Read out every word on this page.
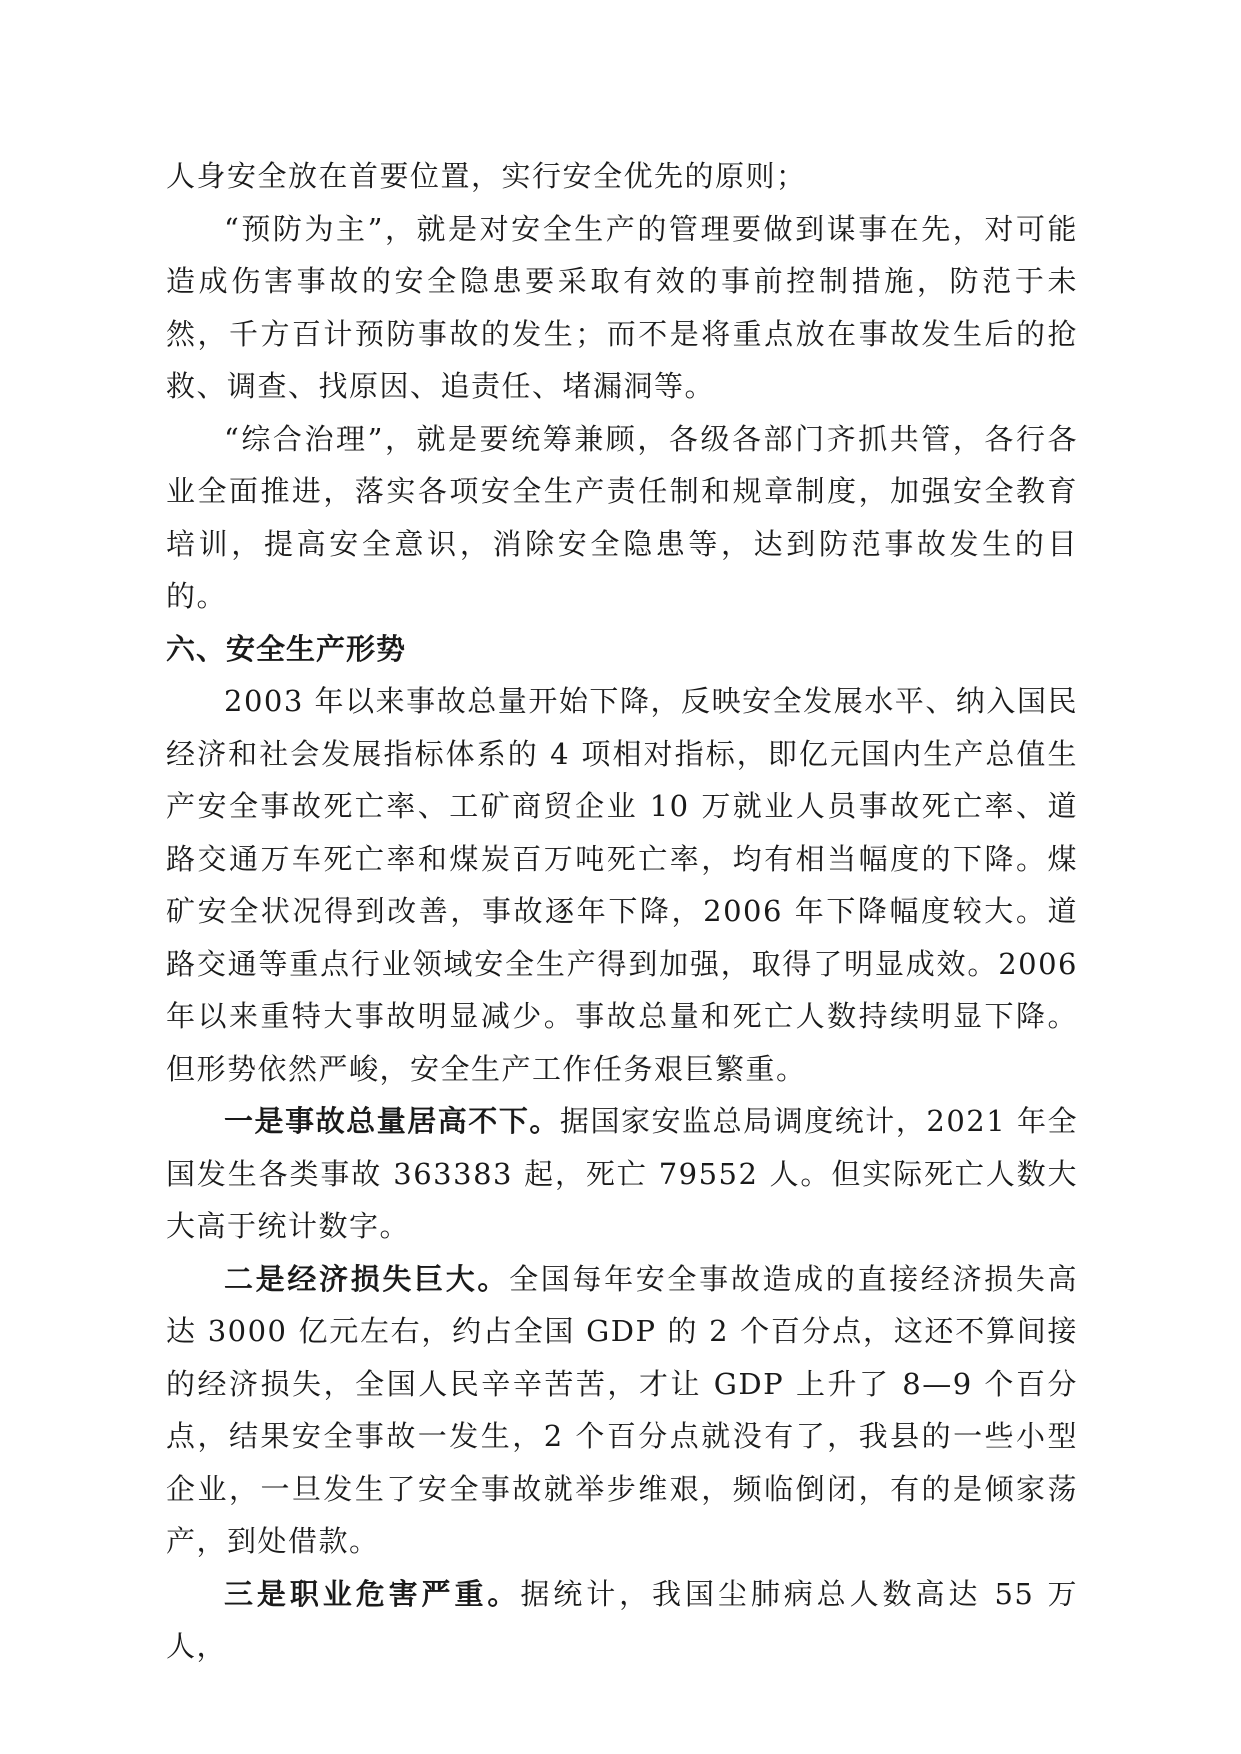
人身安全放在首要位置，实行安全优先的原则；

“预防为主”，就是对安全生产的管理要做到谋事在先，对可能造成伤害事故的安全隐患要采取有效的事前控制措施，防范于未然，千方百计预防事故的发生；而不是将重点放在事故发生后的抢救、调查、找原因、追责任、堵漏洞等。

“综合治理”，就是要统筹兼顾，各级各部门齐抓共管，各行各业全面推进，落实各项安全生产责任制和规章制度，加强安全教育培训，提高安全意识，消除安全隐患等，达到防范事故发生的目的。

六、安全生产形势

2003 年以来事故总量开始下降，反映安全发展水平、纳入国民经济和社会发展指标体系的 4 项相对指标，即亿元国内生产总值生产安全事故死亡率、工矿商贸企业 10 万就业人员事故死亡率、道路交通万车死亡率和煤炭百万吨死亡率，均有相当幅度的下降。煤矿安全状况得到改善，事故逐年下降，2006 年下降幅度较大。道路交通等重点行业领域安全生产得到加强，取得了明显成效。2006 年以来重特大事故明显减少。事故总量和死亡人数持续明显下降。但形势依然严峻，安全生产工作任务艰巨繁重。

一是事故总量居高不下。据国家安监总局调度统计，2021 年全国发生各类事故 363383 起，死亡 79552 人。但实际死亡人数大大高于统计数字。

二是经济损失巨大。全国每年安全事故造成的直接经济损失高达 3000 亿元左右，约占全国 GDP 的 2 个百分点，这还不算间接的经济损失，全国人民辛辛苦苦，才让 GDP 上升了 8—9 个百分点，结果安全事故一发生，2 个百分点就没有了，我县的一些小型企业，一旦发生了安全事故就举步维艰，频临倒闭，有的是倾家荡产，到处借款。

三是职业危害严重。据统计，我国尘肺病总人数高达 55 万人，
